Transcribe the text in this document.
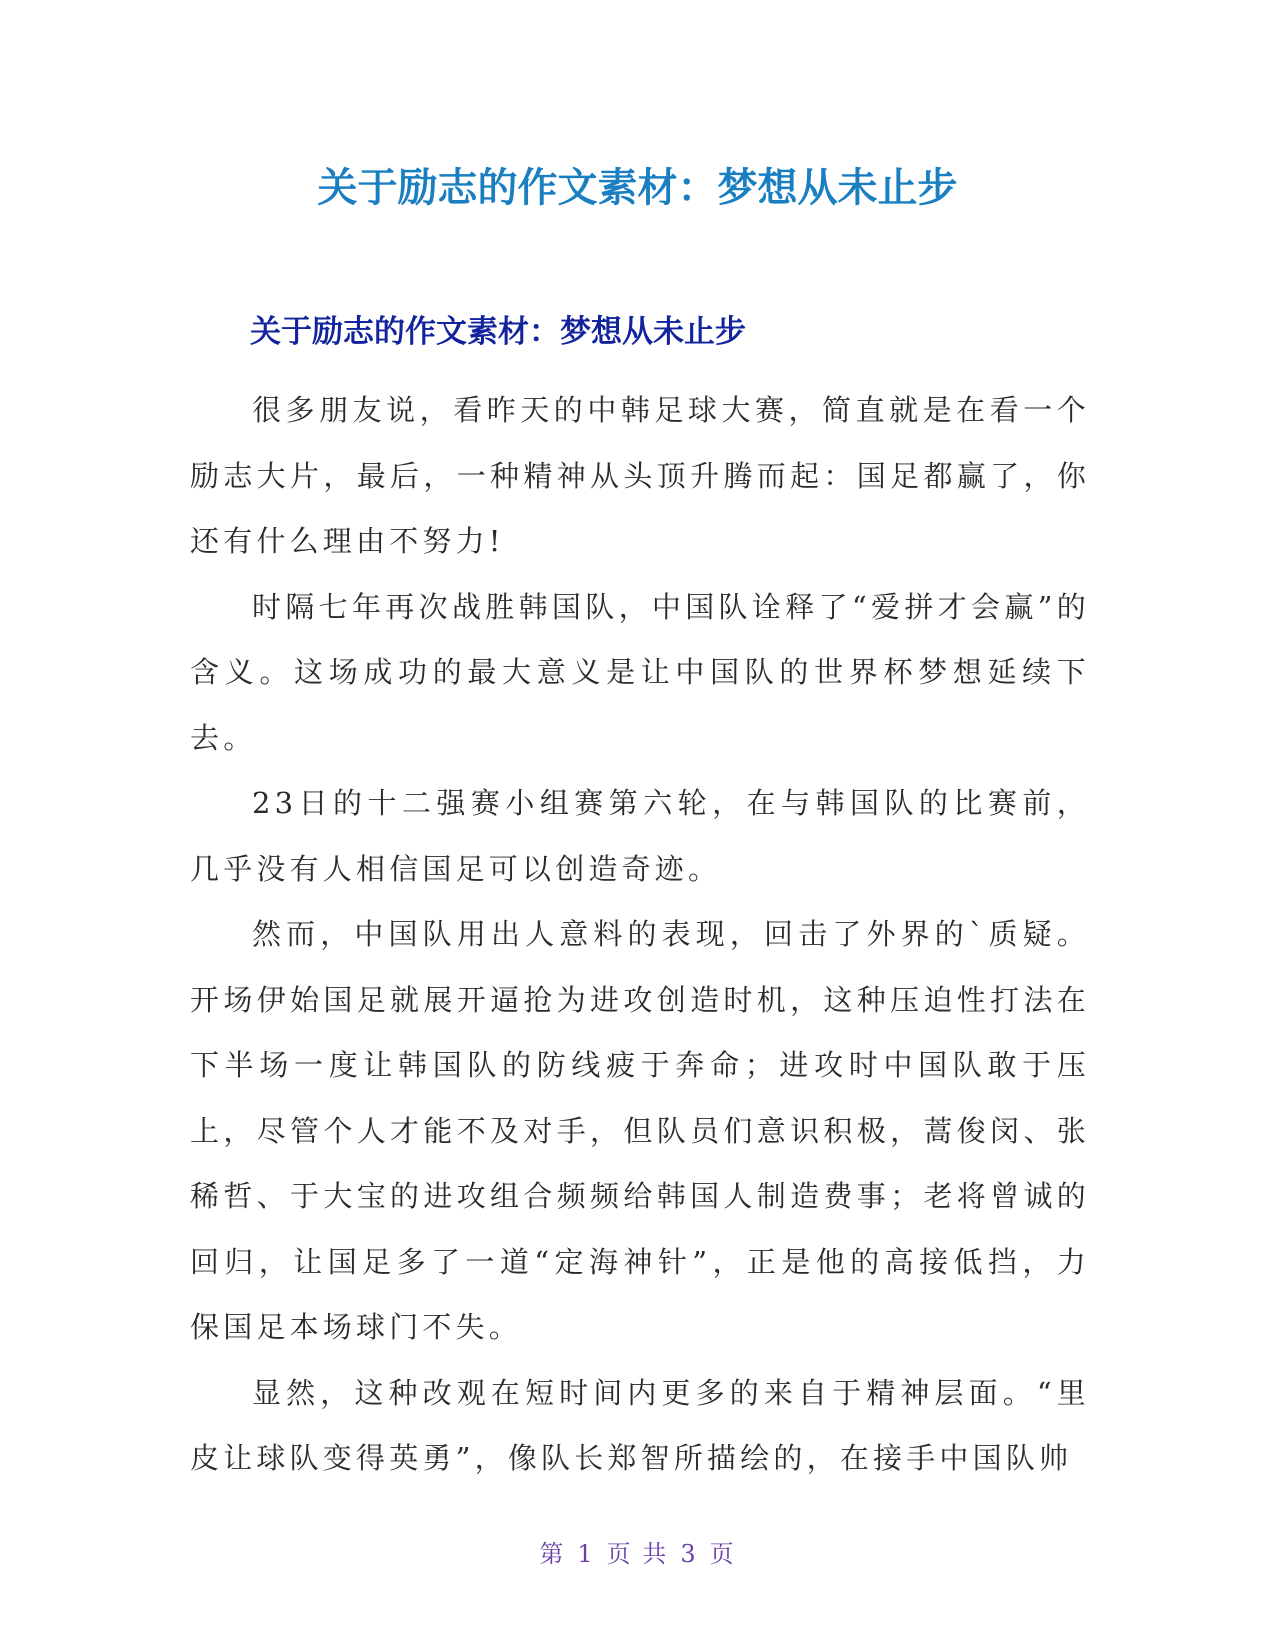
关于励志的作文素材：梦想从未止步
关于励志的作文素材：梦想从未止步

很多朋友说，看昨天的中韩足球大赛，简直就是在看一个励志大片，最后，一种精神从头顶升腾而起：国足都赢了，你还有什么理由不努力!

时隔七年再次战胜韩国队，中国队诠释了“爱拼才会赢”的含义。这场成功的最大意义是让中国队的世界杯梦想延续下去。

23日的十二强赛小组赛第六轮，在与韩国队的比赛前，几乎没有人相信国足可以创造奇迹。

然而，中国队用出人意料的表现，回击了外界的`质疑。开场伊始国足就展开逼抢为进攻创造时机，这种压迫性打法在下半场一度让韩国队的防线疲于奔命；进攻时中国队敢于压上，尽管个人才能不及对手，但队员们意识积极，蒿俊闵、张稀哲、于大宝的进攻组合频频给韩国人制造费事；老将曾诚的回归，让国足多了一道“定海神针”，正是他的高接低挡，力保国足本场球门不失。

显然，这种改观在短时间内更多的来自于精神层面。“里皮让球队变得英勇”，像队长郑智所描绘的，在接手中国队帅

第 1 页 共 3 页
